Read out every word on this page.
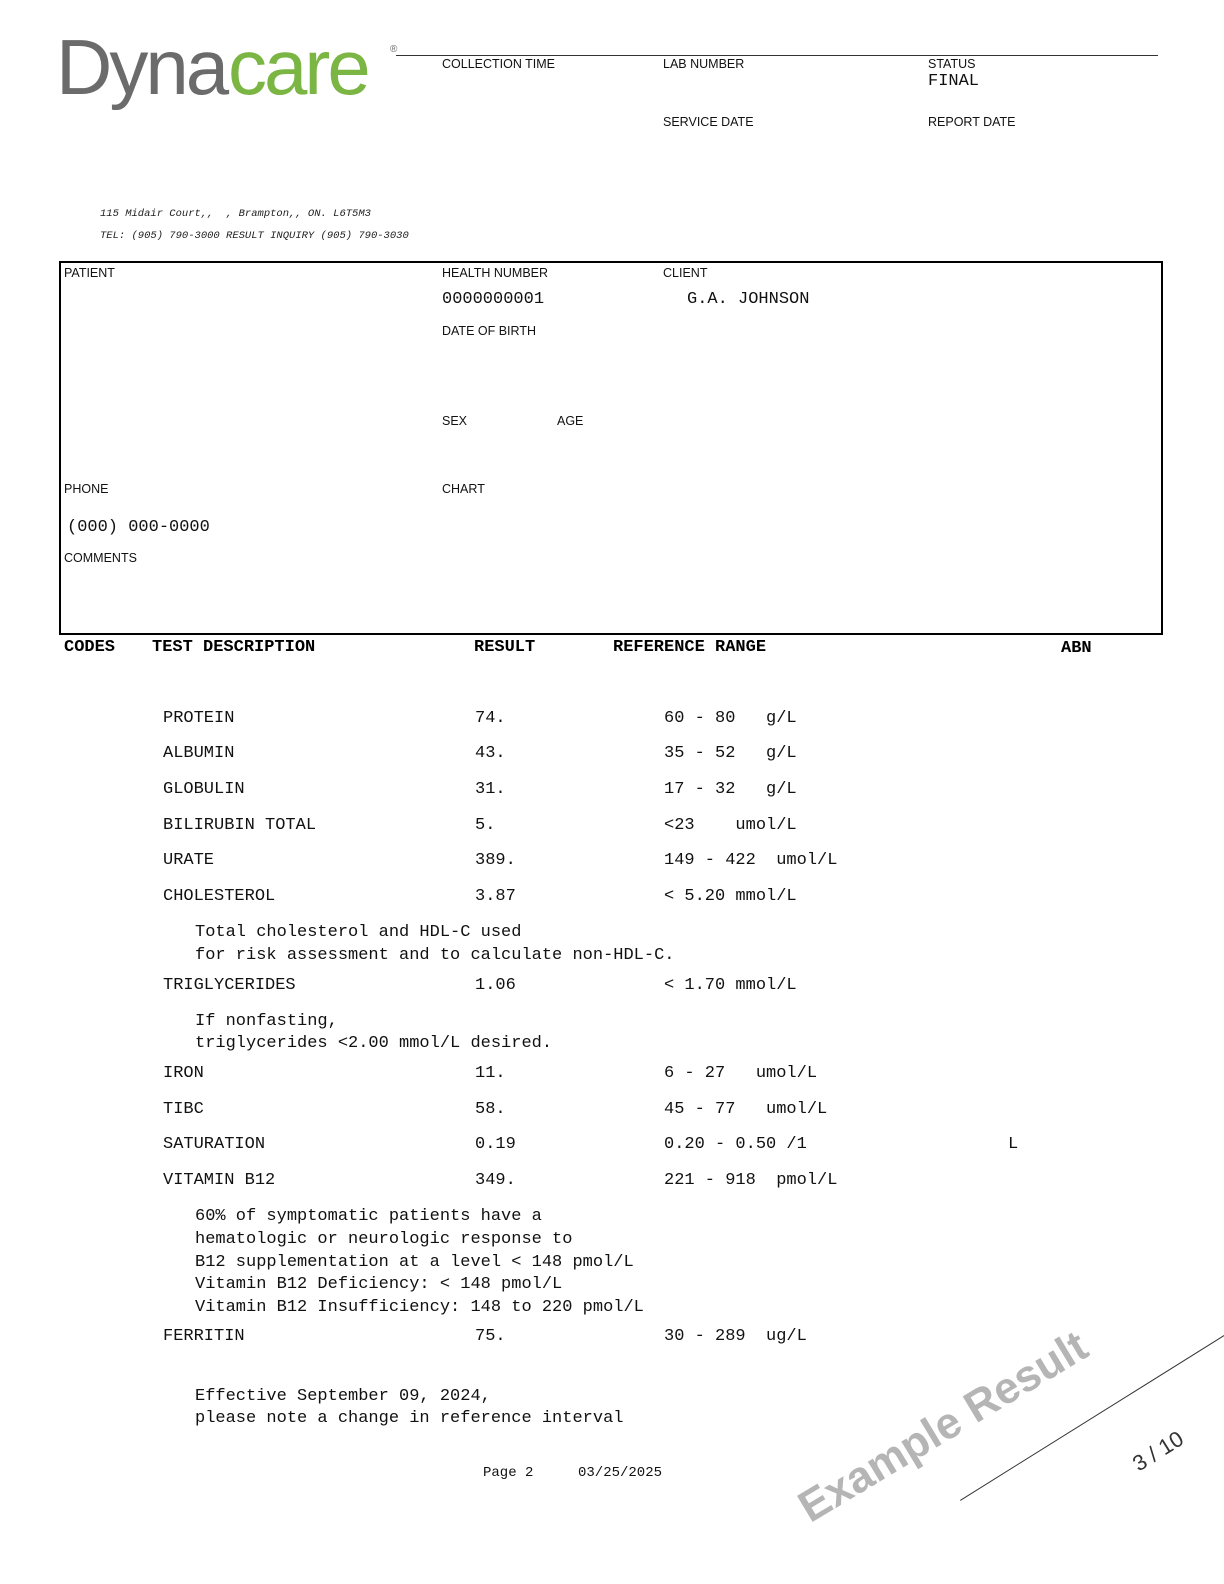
Dyna care ®
COLLECTION TIME	LAB NUMBER	STATUS
FINAL
SERVICE DATE	REPORT DATE
115 Midair Court,,  , Brampton,, ON. L6T5M3
TEL: (905) 790-3000 RESULT INQUIRY (905) 790-3030
PATIENT	HEALTH NUMBER
0000000001
CLIENT
G.A. JOHNSON
DATE OF BIRTH
SEX	AGE
PHONE	CHART
(000) 000-0000
COMMENTS
CODES TEST DESCRIPTION	RESULT	REFERENCE RANGE	ABN
PROTEIN	74.	60 - 80   g/L
ALBUMIN	43.	35 - 52   g/L
GLOBULIN	31.	17 - 32   g/L
BILIRUBIN TOTAL	5.	<23    umol/L
URATE	389.	149 - 422  umol/L
CHOLESTEROL	3.87	< 5.20 mmol/L
Total cholesterol and HDL-C used
for risk assessment and to calculate non-HDL-C.
TRIGLYCERIDES	1.06	< 1.70 mmol/L
If nonfasting,
triglycerides <2.00 mmol/L desired.
IRON	11.	6 - 27   umol/L
TIBC	58.	45 - 77   umol/L
SATURATION	0.19	0.20 - 0.50 /1	L
VITAMIN B12	349.	221 - 918  pmol/L
60% of symptomatic patients have a
hematologic or neurologic response to
B12 supplementation at a level < 148 pmol/L
Vitamin B12 Deficiency: < 148 pmol/L
Vitamin B12 Insufficiency: 148 to 220 pmol/L
FERRITIN	75.	30 - 289  ug/L
Effective September 09, 2024,
please note a change in reference interval	Example Result
Page 2	03/25/2025	3 / 10
